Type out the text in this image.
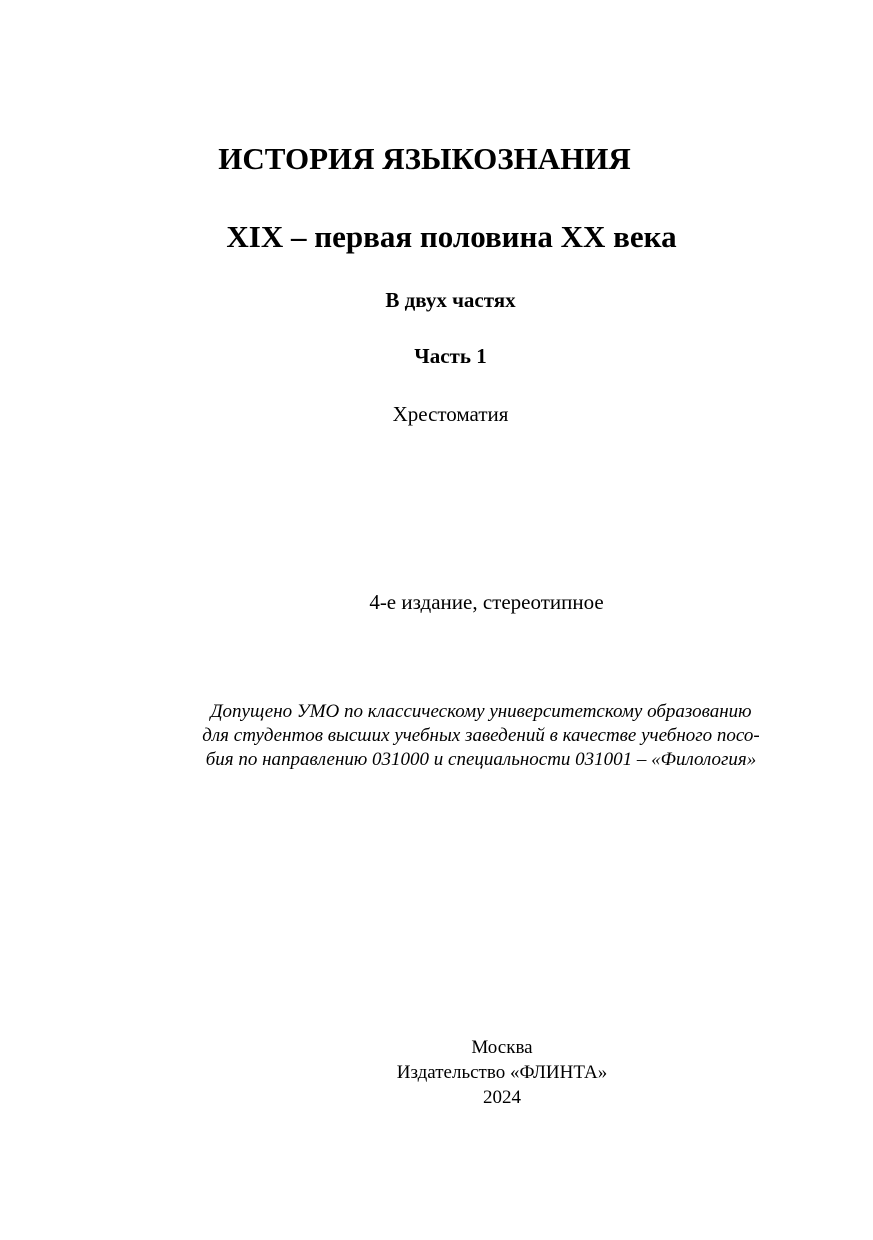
ИСТОРИЯ ЯЗЫКОЗНАНИЯ
XIX – первая половина XX века
В двух частях
Часть 1
Хрестоматия
4-е издание, стереотипное
Допущено УМО по классическому университетскому образованию
для студентов высших учебных заведений в качестве учебного посо-
бия по направлению 031000 и специальности 031001 – «Филология»
Москва
Издательство «ФЛИНТА»
2024
